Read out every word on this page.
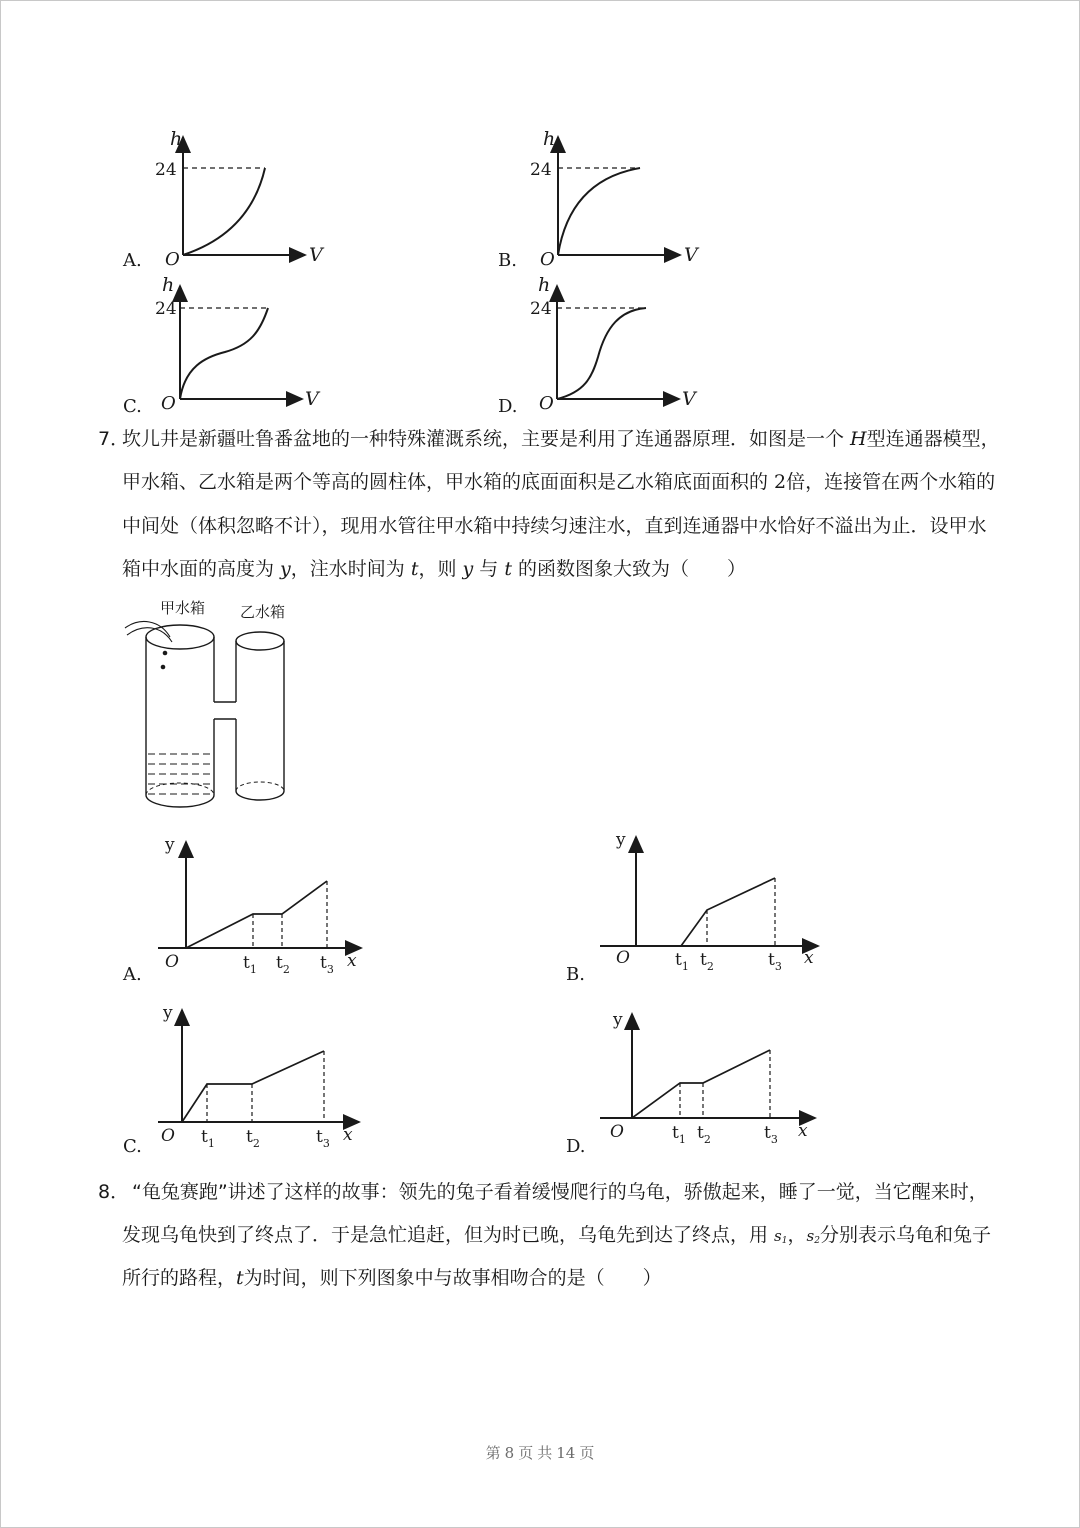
h
24
O	V
A.
h
24
O	V
B.
h
24
O	V
C.
h
24
O	V
D.
7．
坎儿井是新疆吐鲁番盆地的一种特殊灌溉系统，主要是利用了连通器原理．如图是一个 H型连通器模型，
甲水箱、乙水箱是两个等高的圆柱体，甲水箱的底面面积是乙水箱底面面积的 2倍，连接管在两个水箱的
中间处（体积忽略不计），现用水管往甲水箱中持续匀速注水，直到连通器中水恰好不溢出为止．设甲水
箱中水面的高度为 y，注水时间为 t，则 y 与 t 的函数图象大致为（　　）
甲水箱 乙水箱
y
O	$t_1$ $t_2$ $t_3$ x
A.
y
O	$t_1$ $t_2$	$t_3$ x
B.
y
O $t_1$ $t_2$	$t_3$ x
C.
y
O	$t_1$ $t_2$	$t_3$ x
D.
8． “龟兔赛跑”讲述了这样的故事：领先的兔子看着缓慢爬行的乌龟，骄傲起来，睡了一觉，当它醒来时，
发现乌龟快到了终点了．于是急忙追赶，但为时已晚，乌龟先到达了终点，用 $s_1$，$s_2$分别表示乌龟和兔子
所行的路程，t为时间，则下列图象中与故事相吻合的是（　　）
第 8 页 共 14 页
